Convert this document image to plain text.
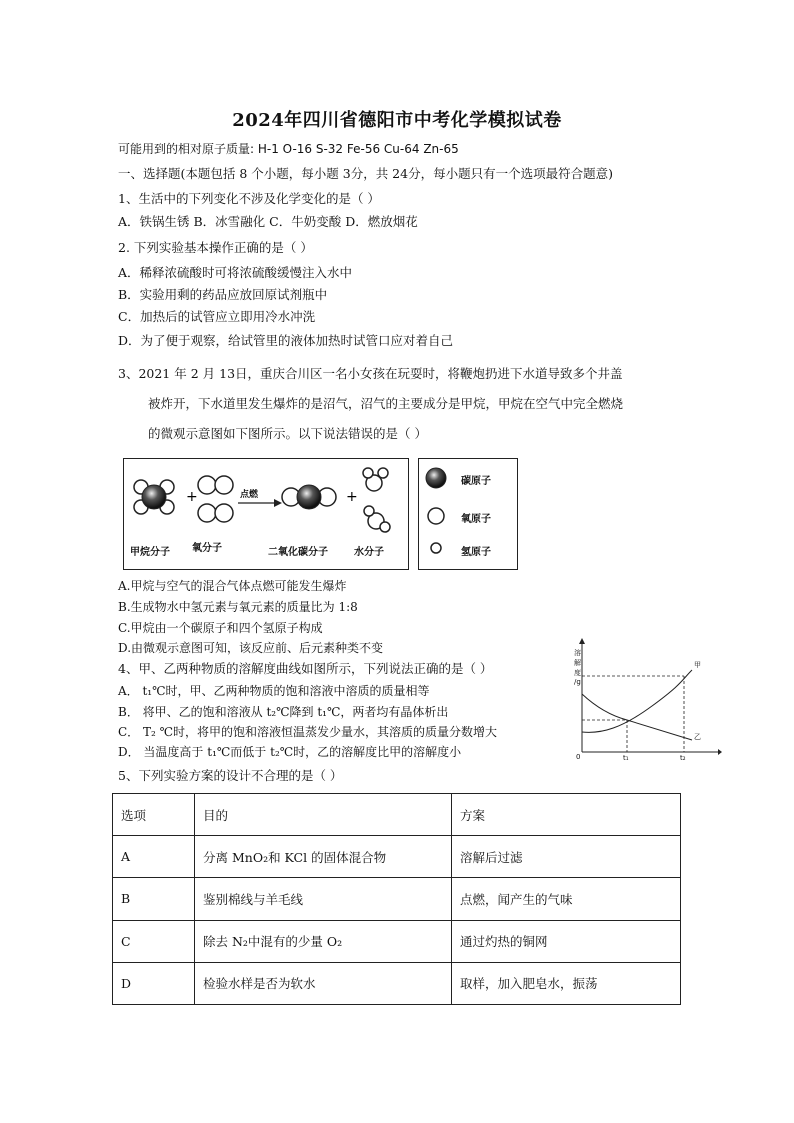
2024年四川省德阳市中考化学模拟试卷
可能用到的相对原子质量: H-1 O-16 S-32 Fe-56 Cu-64 Zn-65
一、选择题(本题包括 8 个小题，每小题 3分，共 24分，每小题只有一个选项最符合题意)
1、生活中的下列变化不涉及化学变化的是（ ）
A．铁锅生锈 B．冰雪融化 C．牛奶变酸 D．燃放烟花
2. 下列实验基本操作正确的是（ ）
A．稀释浓硫酸时可将浓硫酸缓慢注入水中
B．实验用剩的药品应放回原试剂瓶中
C．加热后的试管应立即用冷水冲洗
D．为了便于观察，给试管里的液体加热时试管口应对着自己
3、2021 年 2 月 13日，重庆合川区一名小女孩在玩耍时，将鞭炮扔进下水道导致多个井盖
被炸开，下水道里发生爆炸的是沼气，沼气的主要成分是甲烷，甲烷在空气中完全燃烧
的微观示意图如下图所示。以下说法错误的是（ ）
+	+
点燃
甲烷分子 氧分子	二氧化碳分子	水分子
碳原子
氧原子
氢原子
A.甲烷与空气的混合气体点燃可能发生爆炸
B.生成物水中氢元素与氧元素的质量比为 1:8
C.甲烷由一个碳原子和四个氢原子构成
D.由微观示意图可知，该反应前、后元素种类不变
4、甲、乙两种物质的溶解度曲线如图所示，下列说法正确的是（ ）
A． t₁℃时，甲、乙两种物质的饱和溶液中溶质的质量相等
B． 将甲、乙的饱和溶液从 t₂℃降到 t₁℃，两者均有晶体析出
C． T₂ ℃时，将甲的饱和溶液恒温蒸发少量水，其溶质的质量分数增大
D． 当温度高于 t₁℃而低于 t₂℃时，乙的溶解度比甲的溶解度小
溶
解
度
/g
0	t₁	t₂
甲
乙
5、下列实验方案的设计不合理的是（ ）
选项	目的	方案
A	分离 MnO₂和 KCl 的固体混合物	溶解后过滤
B	鉴别棉线与羊毛线	点燃，闻产生的气味
C	除去 N₂中混有的少量 O₂	通过灼热的铜网
D	检验水样是否为软水	取样，加入肥皂水，振荡
